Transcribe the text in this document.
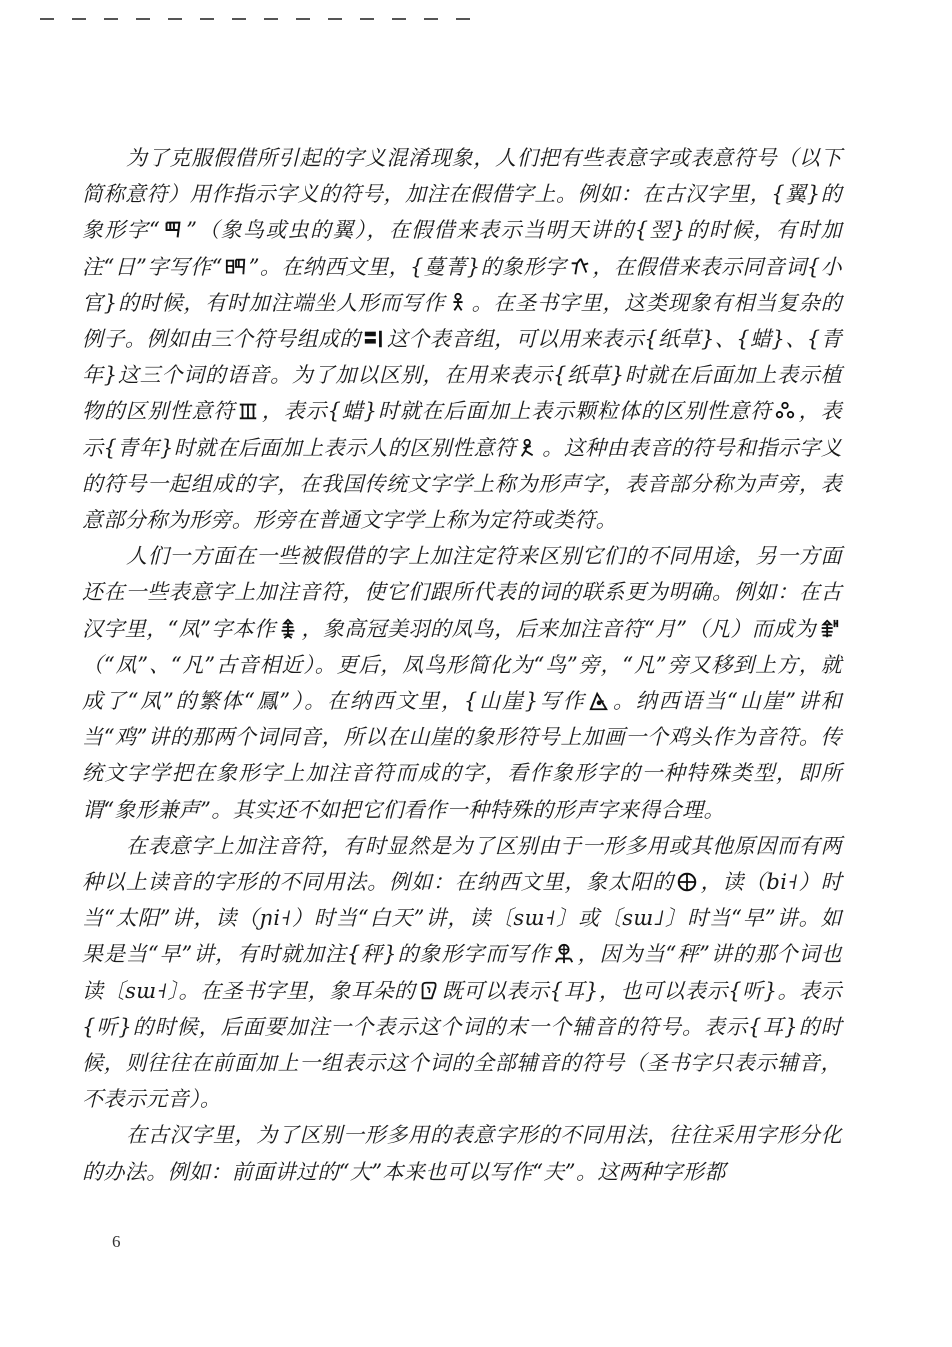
为了克服假借所引起的字义混淆现象，人们把有些表意字或表意符号（以下简称意符）用作指示字义的符号，加注在假借字上。例如：在古汉字里，{翼}的象形字“ ”（象鸟或虫的翼），在假借来表示当明天讲的{翌}的时候，有时加注“日”字写作“ ”。在纳西文里，{蔓菁}的象形字 ，在假借来表示同音词{小官}的时候，有时加注端坐人形而写作 。在圣书字里，这类现象有相当复杂的例子。例如由三个符号组成的 这个表音组，可以用来表示{纸草}、{蜡}、{青年}这三个词的语音。为了加以区别，在用来表示{纸草}时就在后面加上表示植物的区别性意符 ，表示{蜡}时就在后面加上表示颗粒体的区别性意符 ，表示{青年}时就在后面加上表示人的区别性意符 。这种由表音的符号和指示字义的符号一起组成的字，在我国传统文字学上称为形声字，表音部分称为声旁，表意部分称为形旁。形旁在普通文字学上称为定符或类符。

人们一方面在一些被假借的字上加注定符来区别它们的不同用途，另一方面还在一些表意字上加注音符，使它们跟所代表的词的联系更为明确。例如：在古汉字里，“凤”字本作 ，象高冠美羽的凤鸟，后来加注音符“月”（凡）而成为
（“凤”、“凡”古音相近）。更后，凤鸟形简化为“鸟”旁，“凡”旁又移到上方，就成了“凤”的繁体“鳳”）。在纳西文里，{山崖}写作 。纳西语当“山崖”讲和当“鸡”讲的那两个词同音，所以在山崖的象形符号上加画一个鸡头作为音符。传统文字学把在象形字上加注音符而成的字，看作象形字的一种特殊类型，即所谓“象形兼声”。其实还不如把它们看作一种特殊的形声字来得合理。

在表意字上加注音符，有时显然是为了区别由于一形多用或其他原因而有两种以上读音的字形的不同用法。例如：在纳西文里，象太阳的 ，读（bi˧）时当“太阳”讲，读（ɲi˧）时当“白天”讲，读〔sɯ˧〕或〔sɯ˩〕时当“早”讲。如果是当“早”讲，有时就加注{秤}的象形字而写作 ，因为当“秤”讲的那个词也读〔sɯ˧〕。在圣书字里，象耳朵的 既可以表示{耳}，也可以表示{听}。表示{听}的时候，后面要加注一个表示这个词的末一个辅音的符号。表示{耳}的时候，则往往在前面加上一组表示这个词的全部辅音的符号（圣书字只表示辅音，不表示元音）。

在古汉字里，为了区别一形多用的表意字形的不同用法，往往采用字形分化的办法。例如：前面讲过的“大”本来也可以写作“夫”。这两种字形都

6
